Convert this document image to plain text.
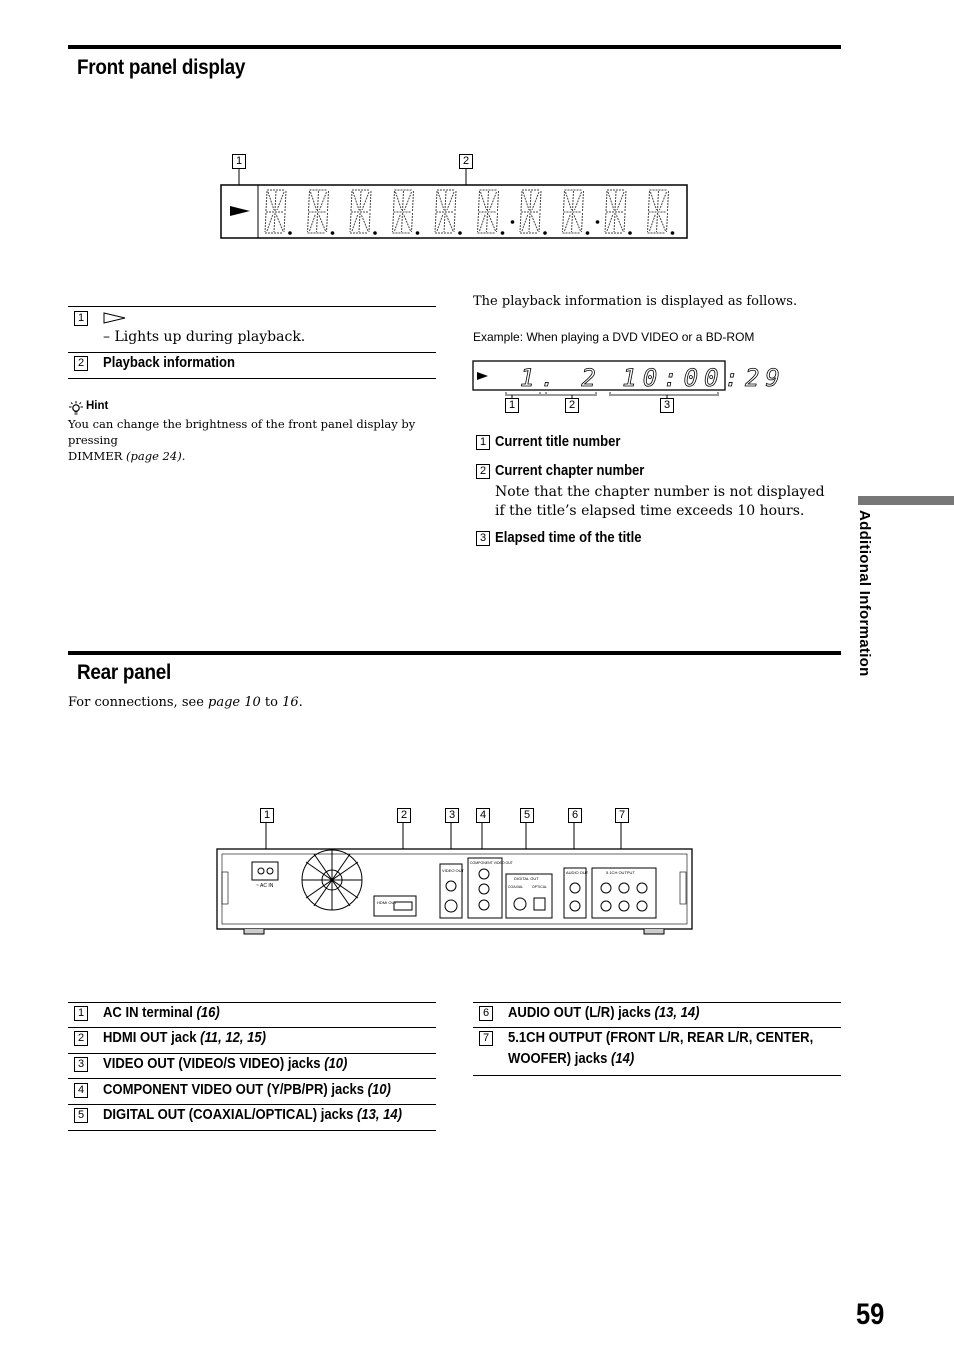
Front panel display
1	2
1
– Lights up during playback.
2 Playback information
Hint
You can change the brightness of the front panel display by pressing
DIMMER (page 24).
The playback information is displayed as follows.
Example: When playing a DVD VIDEO or a BD-ROM
1. 2 10:00:29
1	2	3
1 Current title number
2 Current chapter number
Note that the chapter number is not displayed if the title’s elapsed time exceeds 10 hours.
3 Elapsed time of the title	Additional Information
Rear panel
For connections, see page 10 to 16.
1	2	3	4	5	6	7
~ AC IN
HDMI OUT
VIDEO OUT
COMPONENT VIDEO OUT
DIGITAL OUT
COAXIAL	OPTICAL
AUDIO OUT	5.1CH OUTPUT
1 AC IN terminal (16)
2 HDMI OUT jack (11, 12, 15)
3 VIDEO OUT (VIDEO/S VIDEO) jacks (10)
4 COMPONENT VIDEO OUT (Y/PB/PR) jacks (10)
5 DIGITAL OUT (COAXIAL/OPTICAL) jacks (13, 14)
6 AUDIO OUT (L/R) jacks (13, 14)
7 5.1CH OUTPUT (FRONT L/R, REAR L/R, CENTER,
WOOFER) jacks (14)
59
